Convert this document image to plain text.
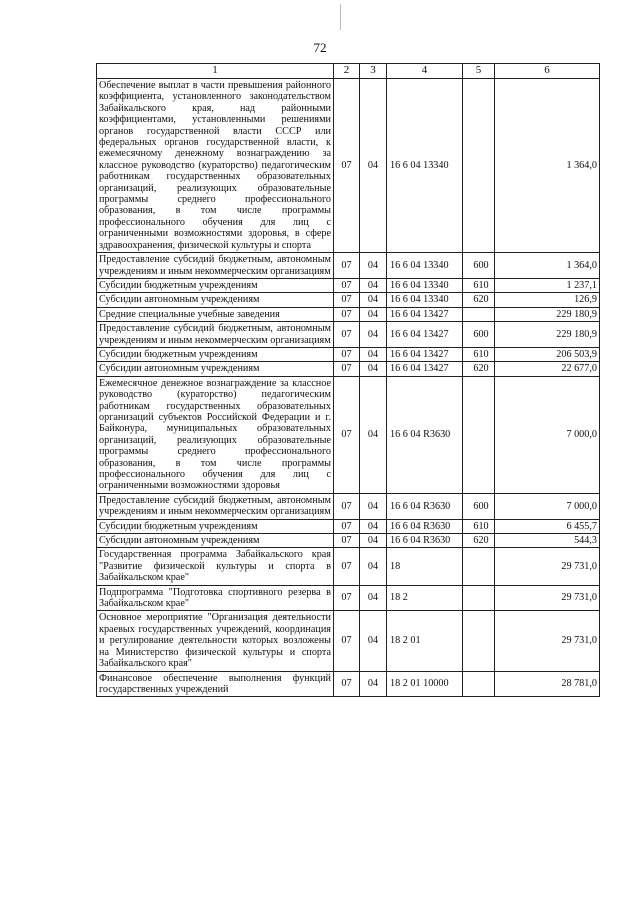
72
1	2	3	4	5	6
Обеспечение выплат в части превышения районного коэффициента, установленного законодательством Забайкальского края, над районными коэффициентами, установленными решениями органов государственной власти СССР или федеральных органов государственной власти, к ежемесячному денежному вознаграждению за классное руководство (кураторство) педагогическим работникам государственных образовательных организаций, реализующих образовательные программы среднего профессионального образования, в том числе программы профессионального обучения для лиц с ограниченными возможностями здоровья, в сфере здравоохранения, физической культуры и спорта	07	04	16 6 04 13340		1 364,0
Предоставление субсидий бюджетным, автономным учреждениям и иным некоммерческим организациям	07	04	16 6 04 13340	600	1 364,0
Субсидии бюджетным учреждениям	07	04	16 6 04 13340	610	1 237,1
Субсидии автономным учреждениям	07	04	16 6 04 13340	620	126,9
Средние специальные учебные заведения	07	04	16 6 04 13427		229 180,9
Предоставление субсидий бюджетным, автономным учреждениям и иным некоммерческим организациям	07	04	16 6 04 13427	600	229 180,9
Субсидии бюджетным учреждениям	07	04	16 6 04 13427	610	206 503,9
Субсидии автономным учреждениям	07	04	16 6 04 13427	620	22 677,0
Ежемесячное денежное вознаграждение за классное руководство (кураторство) педагогическим работникам государственных образовательных организаций субъектов Российской Федерации и г. Байконура, муниципальных образовательных организаций, реализующих образовательные программы среднего профессионального образования, в том числе программы профессионального обучения для лиц с ограниченными возможностями здоровья	07	04	16 6 04 R3630		7 000,0
Предоставление субсидий бюджетным, автономным учреждениям и иным некоммерческим организациям	07	04	16 6 04 R3630	600	7 000,0
Субсидии бюджетным учреждениям	07	04	16 6 04 R3630	610	6 455,7
Субсидии автономным учреждениям	07	04	16 6 04 R3630	620	544,3
Государственная программа Забайкальского края "Развитие физической культуры и спорта в Забайкальском крае"	07	04	18		29 731,0
Подпрограмма "Подготовка спортивного резерва в Забайкальском крае"	07	04	18 2		29 731,0
Основное мероприятие "Организация деятельности краевых государственных учреждений, координация и регулирование деятельности которых возложены на Министерство физической культуры и спорта Забайкальского края"	07	04	18 2 01		29 731,0
Финансовое обеспечение выполнения функций государственных учреждений	07	04	18 2 01 10000		28 781,0
